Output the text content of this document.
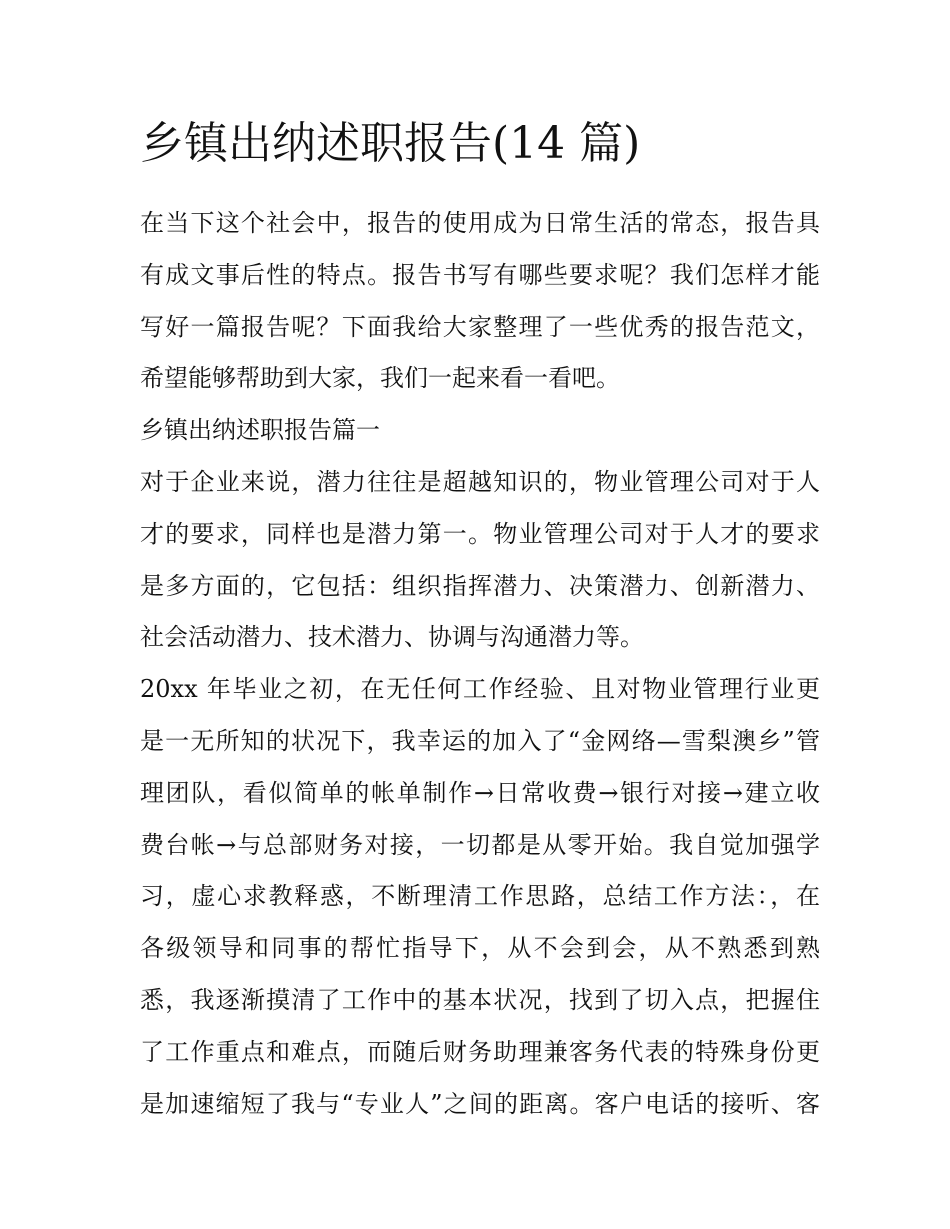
乡镇出纳述职报告(14 篇)
在当下这个社会中，报告的使用成为日常生活的常态，报告具
有成文事后性的特点。报告书写有哪些要求呢？我们怎样才能
写好一篇报告呢？下面我给大家整理了一些优秀的报告范文，
希望能够帮助到大家，我们一起来看一看吧。
乡镇出纳述职报告篇一
对于企业来说，潜力往往是超越知识的，物业管理公司对于人
才的要求，同样也是潜力第一。物业管理公司对于人才的要求
是多方面的，它包括：组织指挥潜力、决策潜力、创新潜力、
社会活动潜力、技术潜力、协调与沟通潜力等。
20xx 年毕业之初，在无任何工作经验、且对物业管理行业更
是一无所知的状况下，我幸运的加入了“金网络—雪梨澳乡”管
理团队，看似简单的帐单制作→日常收费→银行对接→建立收
费台帐→与总部财务对接，一切都是从零开始。我自觉加强学
习，虚心求教释惑，不断理清工作思路，总结工作方法：，在
各级领导和同事的帮忙指导下，从不会到会，从不熟悉到熟
悉，我逐渐摸清了工作中的基本状况，找到了切入点，把握住
了工作重点和难点，而随后财务助理兼客务代表的特殊身份更
是加速缩短了我与“专业人”之间的距离。客户电话的接听、客
